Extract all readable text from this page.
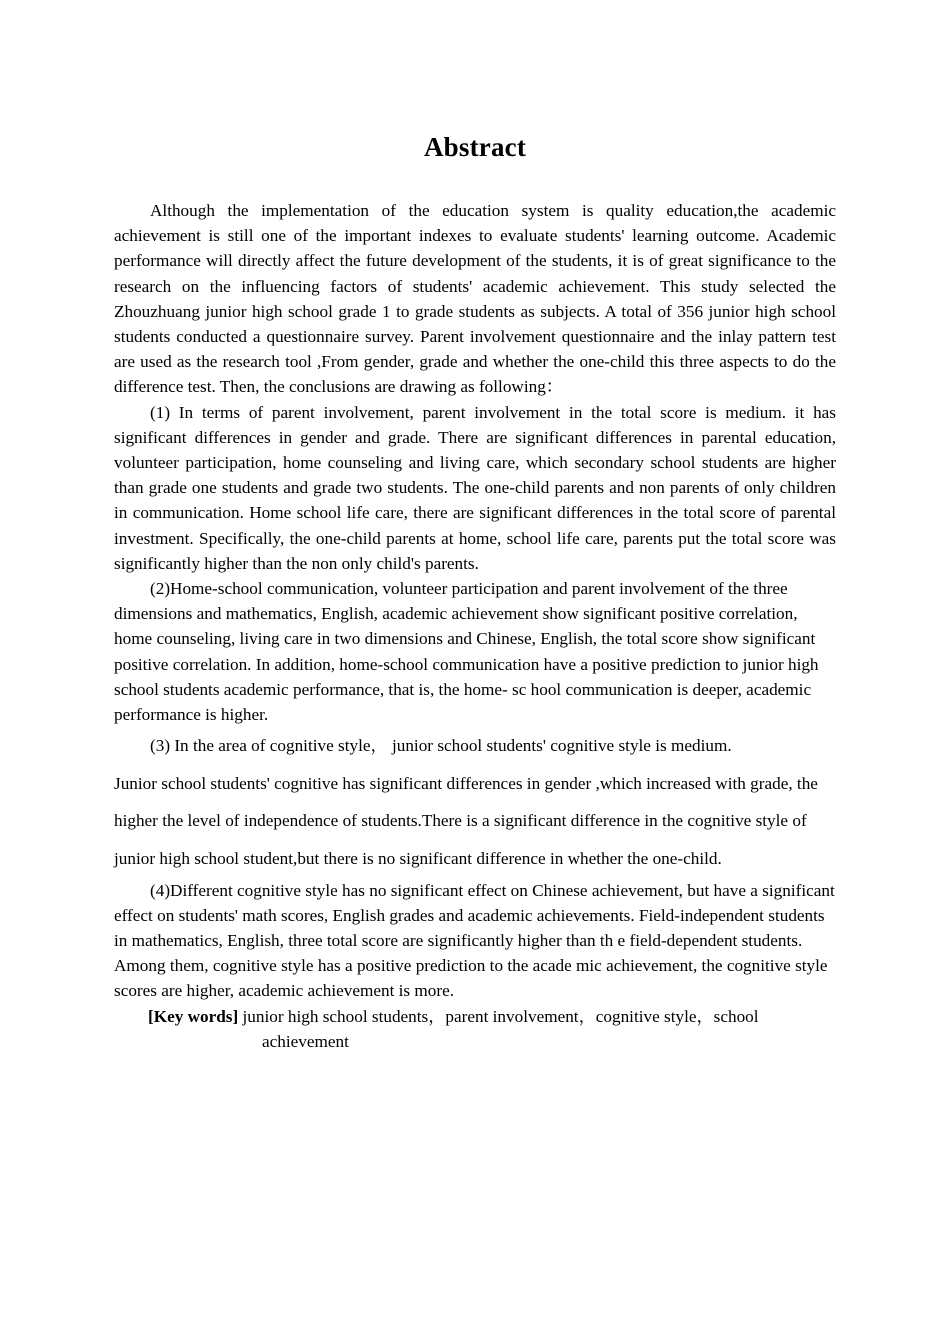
Abstract

Although the implementation of the education system is quality education,the academic achievement is still one of the important indexes to evaluate students' learning outcome. Academic performance will directly affect the future development of the students, it is of great significance to the research on the influencing factors of students' academic achievement. This study selected the Zhouzhuang junior high school grade 1 to grade students as subjects. A total of 356 junior high school students conducted a questionnaire survey. Parent involvement questionnaire and the inlay pattern test are used as the research tool ,From gender, grade and whether the one-child this three aspects to do the difference test. Then, the conclusions are drawing as following：

(1) In terms of parent involvement, parent involvement in the total score is medium. it has significant differences in gender and grade. There are significant differences in parental education, volunteer participation, home counseling and living care, which secondary school students are higher than grade one students and grade two students. The one-child parents and non parents of only children in communication. Home school life care, there are significant differences in the total score of parental investment. Specifically, the one-child parents at home, school life care, parents put the total score was significantly higher than the non only child's parents.

(2)Home-school communication, volunteer participation and parent involvement of the three dimensions and mathematics, English, academic achievement show significant positive correlation, home counseling, living care in two dimensions and Chinese, English, the total score show significant positive correlation. In addition, home-school communication have a positive prediction to junior high school students academic performance, that is, the home- sc hool communication is deeper, academic performance is higher.

(3) In the area of cognitive style， junior school students' cognitive style is medium.

Junior school students' cognitive has significant differences in gender ,which increased with grade, the higher the level of independence of students.There is a significant difference in the cognitive style of junior high school student,but there is no significant difference in whether the one-child.

(4)Different cognitive style has no significant effect on Chinese achievement, but have a significant effect on students' math scores, English grades and academic achievements. Field-independent students in mathematics, English, three total score are significantly higher than th e field-dependent students. Among them, cognitive style has a positive prediction to the acade mic achievement, the cognitive style scores are higher, academic achievement is more.

[Key words] junior high school students，parent involvement，cognitive style，school
achievement
